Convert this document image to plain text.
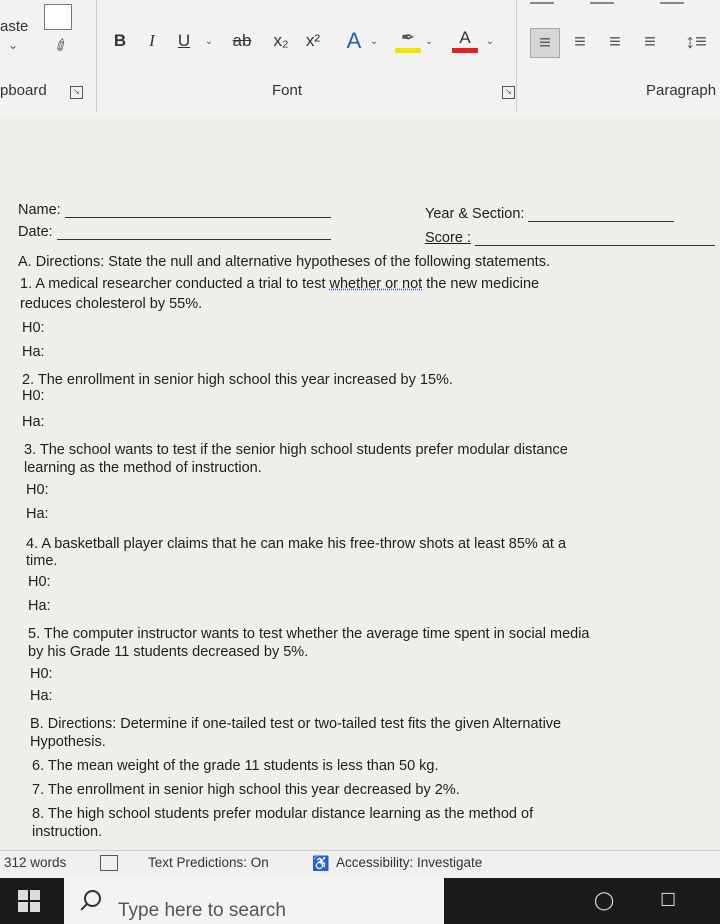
aste
⌄ ✐ B	I	U	⌄ ab x₂ x²	A ⌄	✒ ⌄	A	⌄	≡	≡	≡	≡	↕≡
pboard	↘	Font	↘	Paragraph
Name:
Date:
Year & Section:
Score :
A. Directions: State the null and alternative hypotheses of the following statements.
1. A medical researcher conducted a trial to test whether or not the new medicine
reduces cholesterol by 55%.
H0:
Ha:
2. The enrollment in senior high school this year increased by 15%.
H0:
Ha:
3. The school wants to test if the senior high school students prefer modular distance
learning as the method of instruction.
H0:
Ha:
4. A basketball player claims that he can make his free-throw shots at least 85% at a
time.
H0:
Ha:
5. The computer instructor wants to test whether the average time spent in social media
by his Grade 11 students decreased by 5%.
H0:
Ha:
B. Directions: Determine if one-tailed test or two-tailed test fits the given Alternative
Hypothesis.
6. The mean weight of the grade 11 students is less than 50 kg.
7. The enrollment in senior high school this year decreased by 2%.
8. The high school students prefer modular distance learning as the method of
instruction.
312 words	Text Predictions: On	♿ Accessibility: Investigate
Type here to search	◯	☐
